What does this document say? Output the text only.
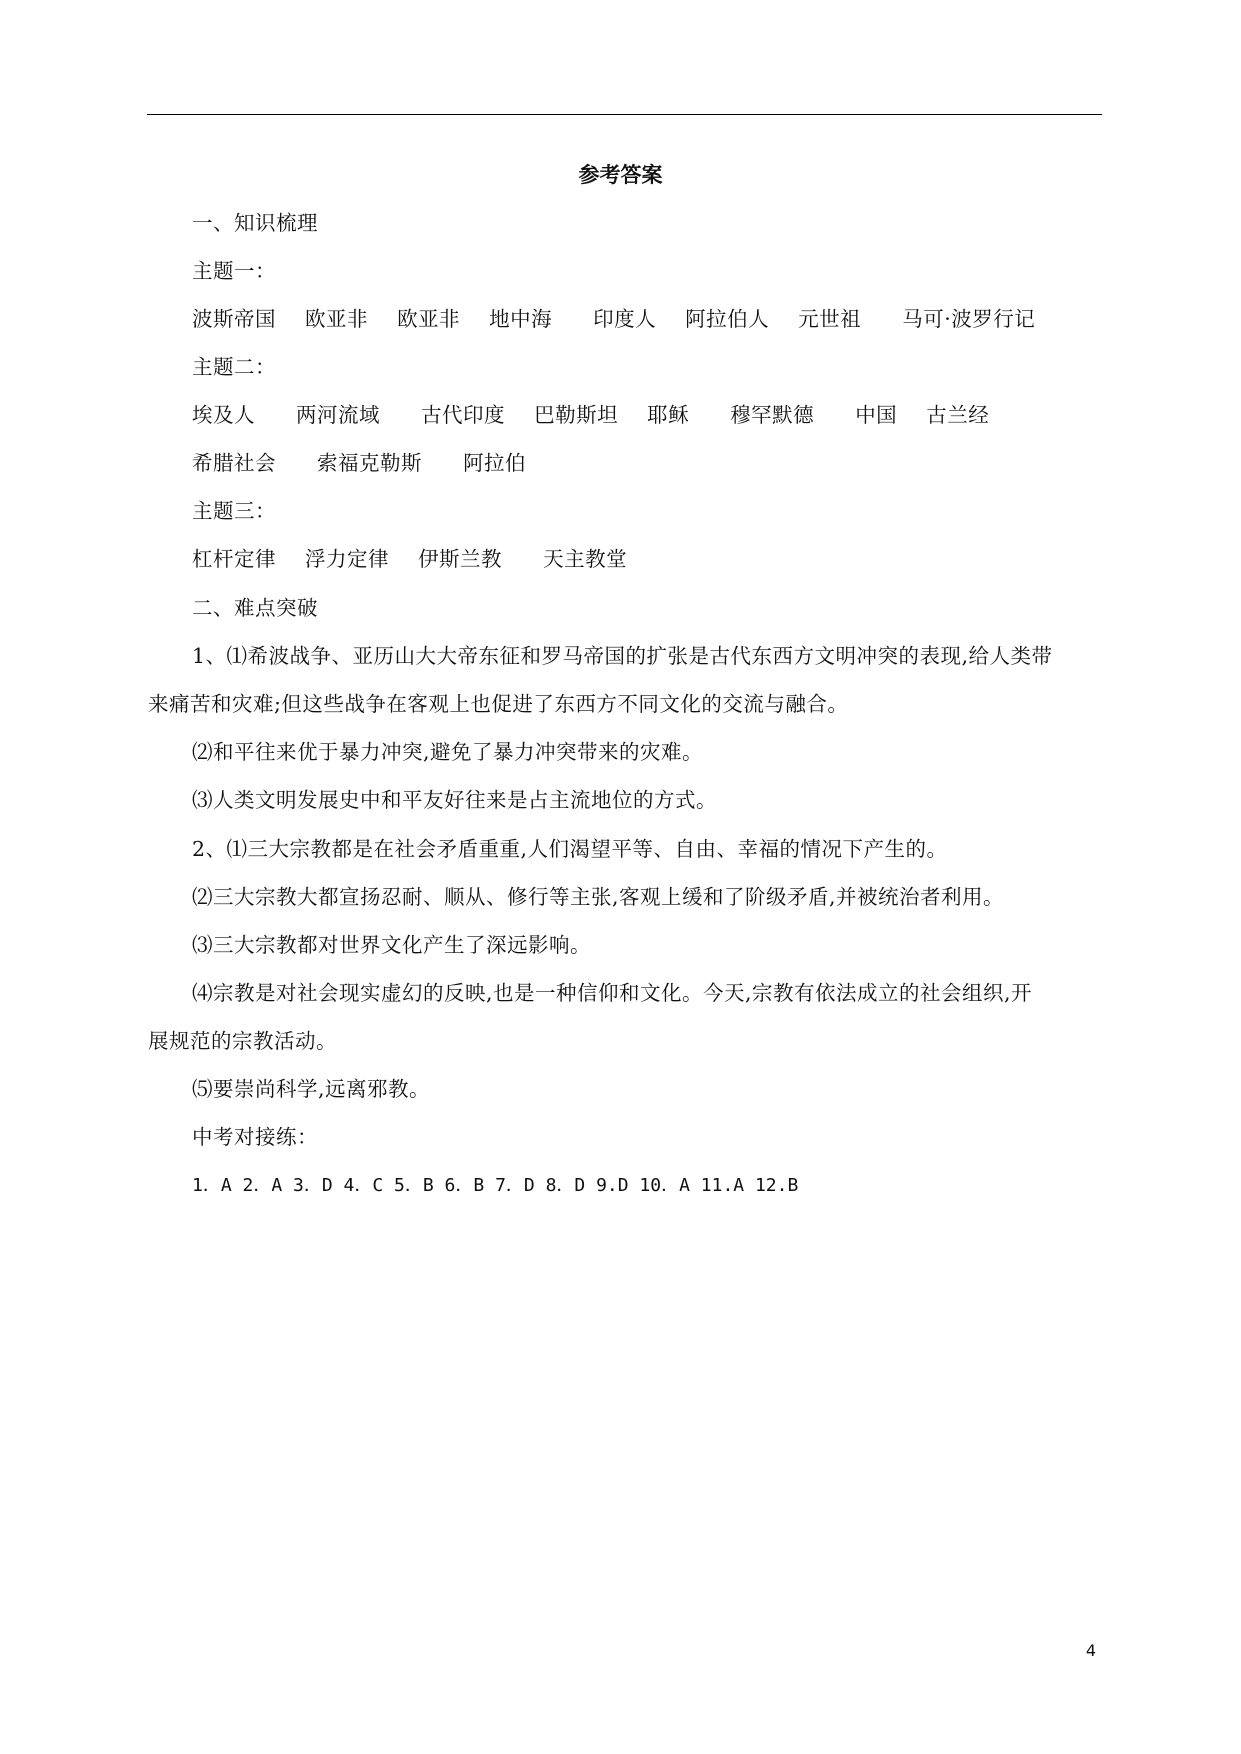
参考答案
一、知识梳理
主题一：
波斯帝国 欧亚非 欧亚非 地中海 印度人 阿拉伯人 元世祖 马可·波罗行记
主题二：
埃及人 两河流域 古代印度 巴勒斯坦 耶稣 穆罕默德 中国 古兰经
希腊社会 索福克勒斯 阿拉伯
主题三：
杠杆定律 浮力定律 伊斯兰教 天主教堂
二、难点突破
1、⑴希波战争、亚历山大大帝东征和罗马帝国的扩张是古代东西方文明冲突的表现,给人类带
来痛苦和灾难;但这些战争在客观上也促进了东西方不同文化的交流与融合。
⑵和平往来优于暴力冲突,避免了暴力冲突带来的灾难。
⑶人类文明发展史中和平友好往来是占主流地位的方式。
2、⑴三大宗教都是在社会矛盾重重,人们渴望平等、自由、幸福的情况下产生的。
⑵三大宗教大都宣扬忍耐、顺从、修行等主张,客观上缓和了阶级矛盾,并被统治者利用。
⑶三大宗教都对世界文化产生了深远影响。
⑷宗教是对社会现实虚幻的反映,也是一种信仰和文化。今天,宗教有依法成立的社会组织,开
展规范的宗教活动。
⑸要崇尚科学,远离邪教。
中考对接练：
1．A 2．A 3．D 4．C 5．B 6．B 7．D 8．D 9.D 10．A 11.A 12.B
4
